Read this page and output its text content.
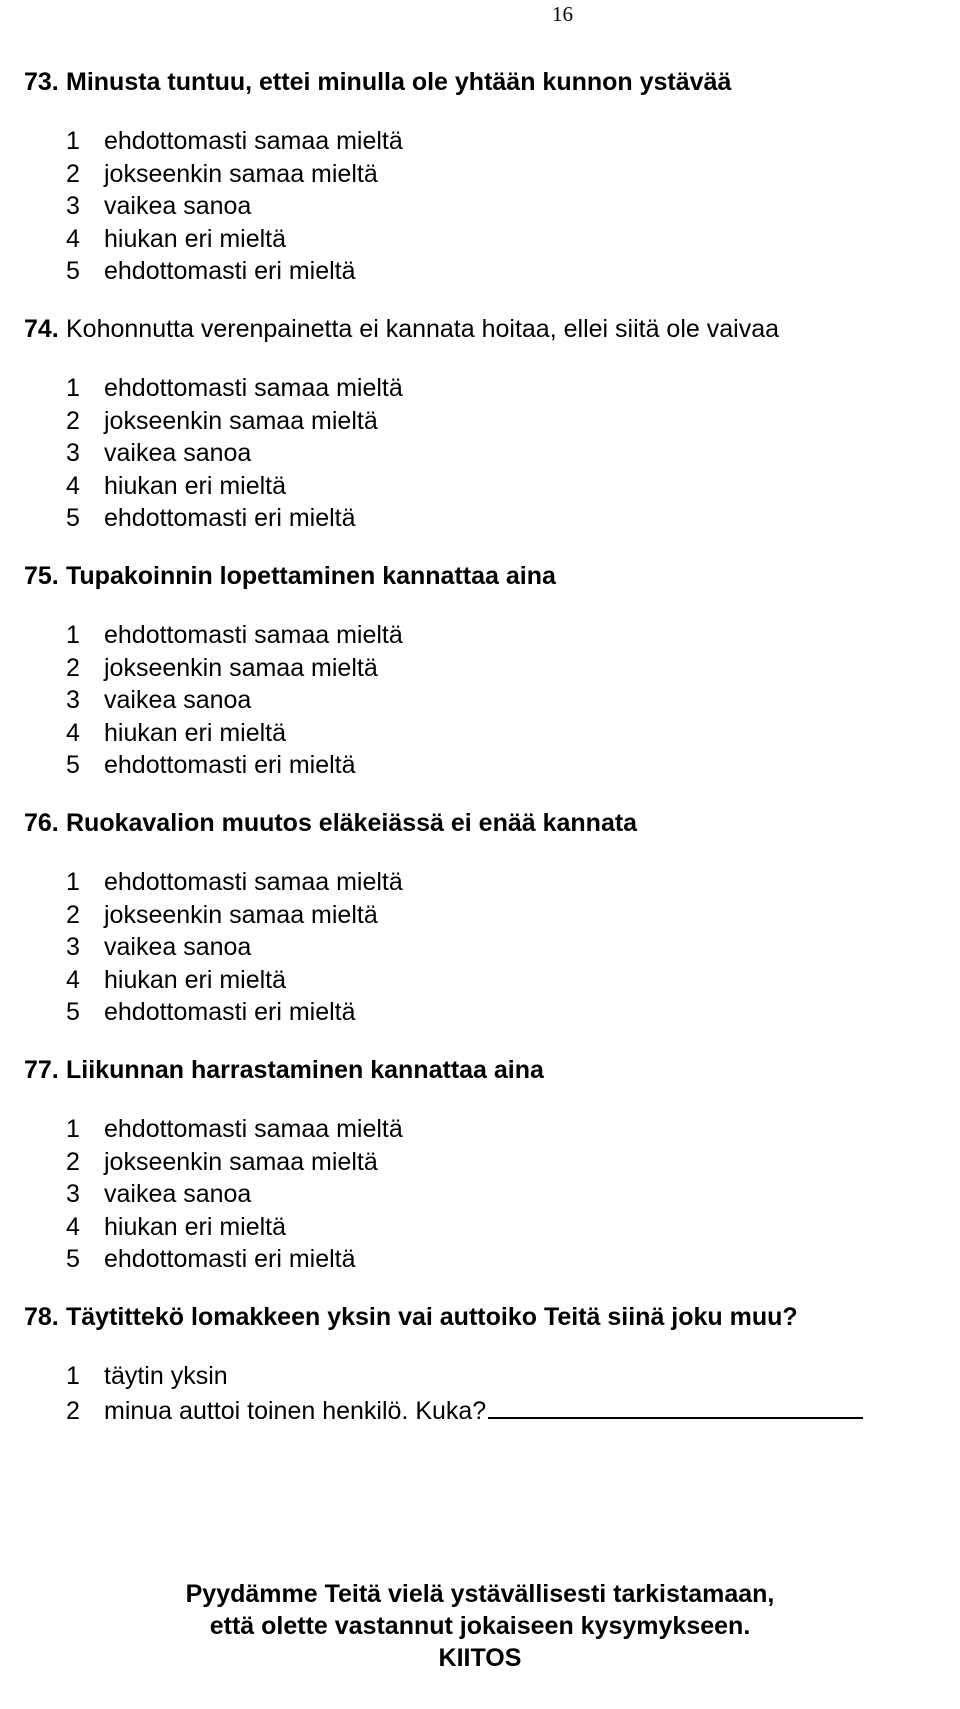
16
73. Minusta tuntuu, ettei minulla ole yhtään kunnon ystävää
1 ehdottomasti samaa mieltä
2 jokseenkin samaa mieltä
3 vaikea sanoa
4 hiukan eri mieltä
5 ehdottomasti eri mieltä
74. Kohonnutta verenpainetta ei kannata hoitaa, ellei siitä ole vaivaa
1 ehdottomasti samaa mieltä
2 jokseenkin samaa mieltä
3 vaikea sanoa
4 hiukan eri mieltä
5 ehdottomasti eri mieltä
75. Tupakoinnin lopettaminen kannattaa aina
1 ehdottomasti samaa mieltä
2 jokseenkin samaa mieltä
3 vaikea sanoa
4 hiukan eri mieltä
5 ehdottomasti eri mieltä
76. Ruokavalion muutos eläkeiässä ei enää kannata
1 ehdottomasti samaa mieltä
2 jokseenkin samaa mieltä
3 vaikea sanoa
4 hiukan eri mieltä
5 ehdottomasti eri mieltä
77. Liikunnan harrastaminen kannattaa aina
1 ehdottomasti samaa mieltä
2 jokseenkin samaa mieltä
3 vaikea sanoa
4 hiukan eri mieltä
5 ehdottomasti eri mieltä
78. Täytittekö lomakkeen yksin vai auttoiko Teitä siinä joku muu?
1 täytin yksin
2 minua auttoi toinen henkilö. Kuka?
Pyydämme Teitä vielä ystävällisesti tarkistamaan,
että olette vastannut jokaiseen kysymykseen.
KIITOS
